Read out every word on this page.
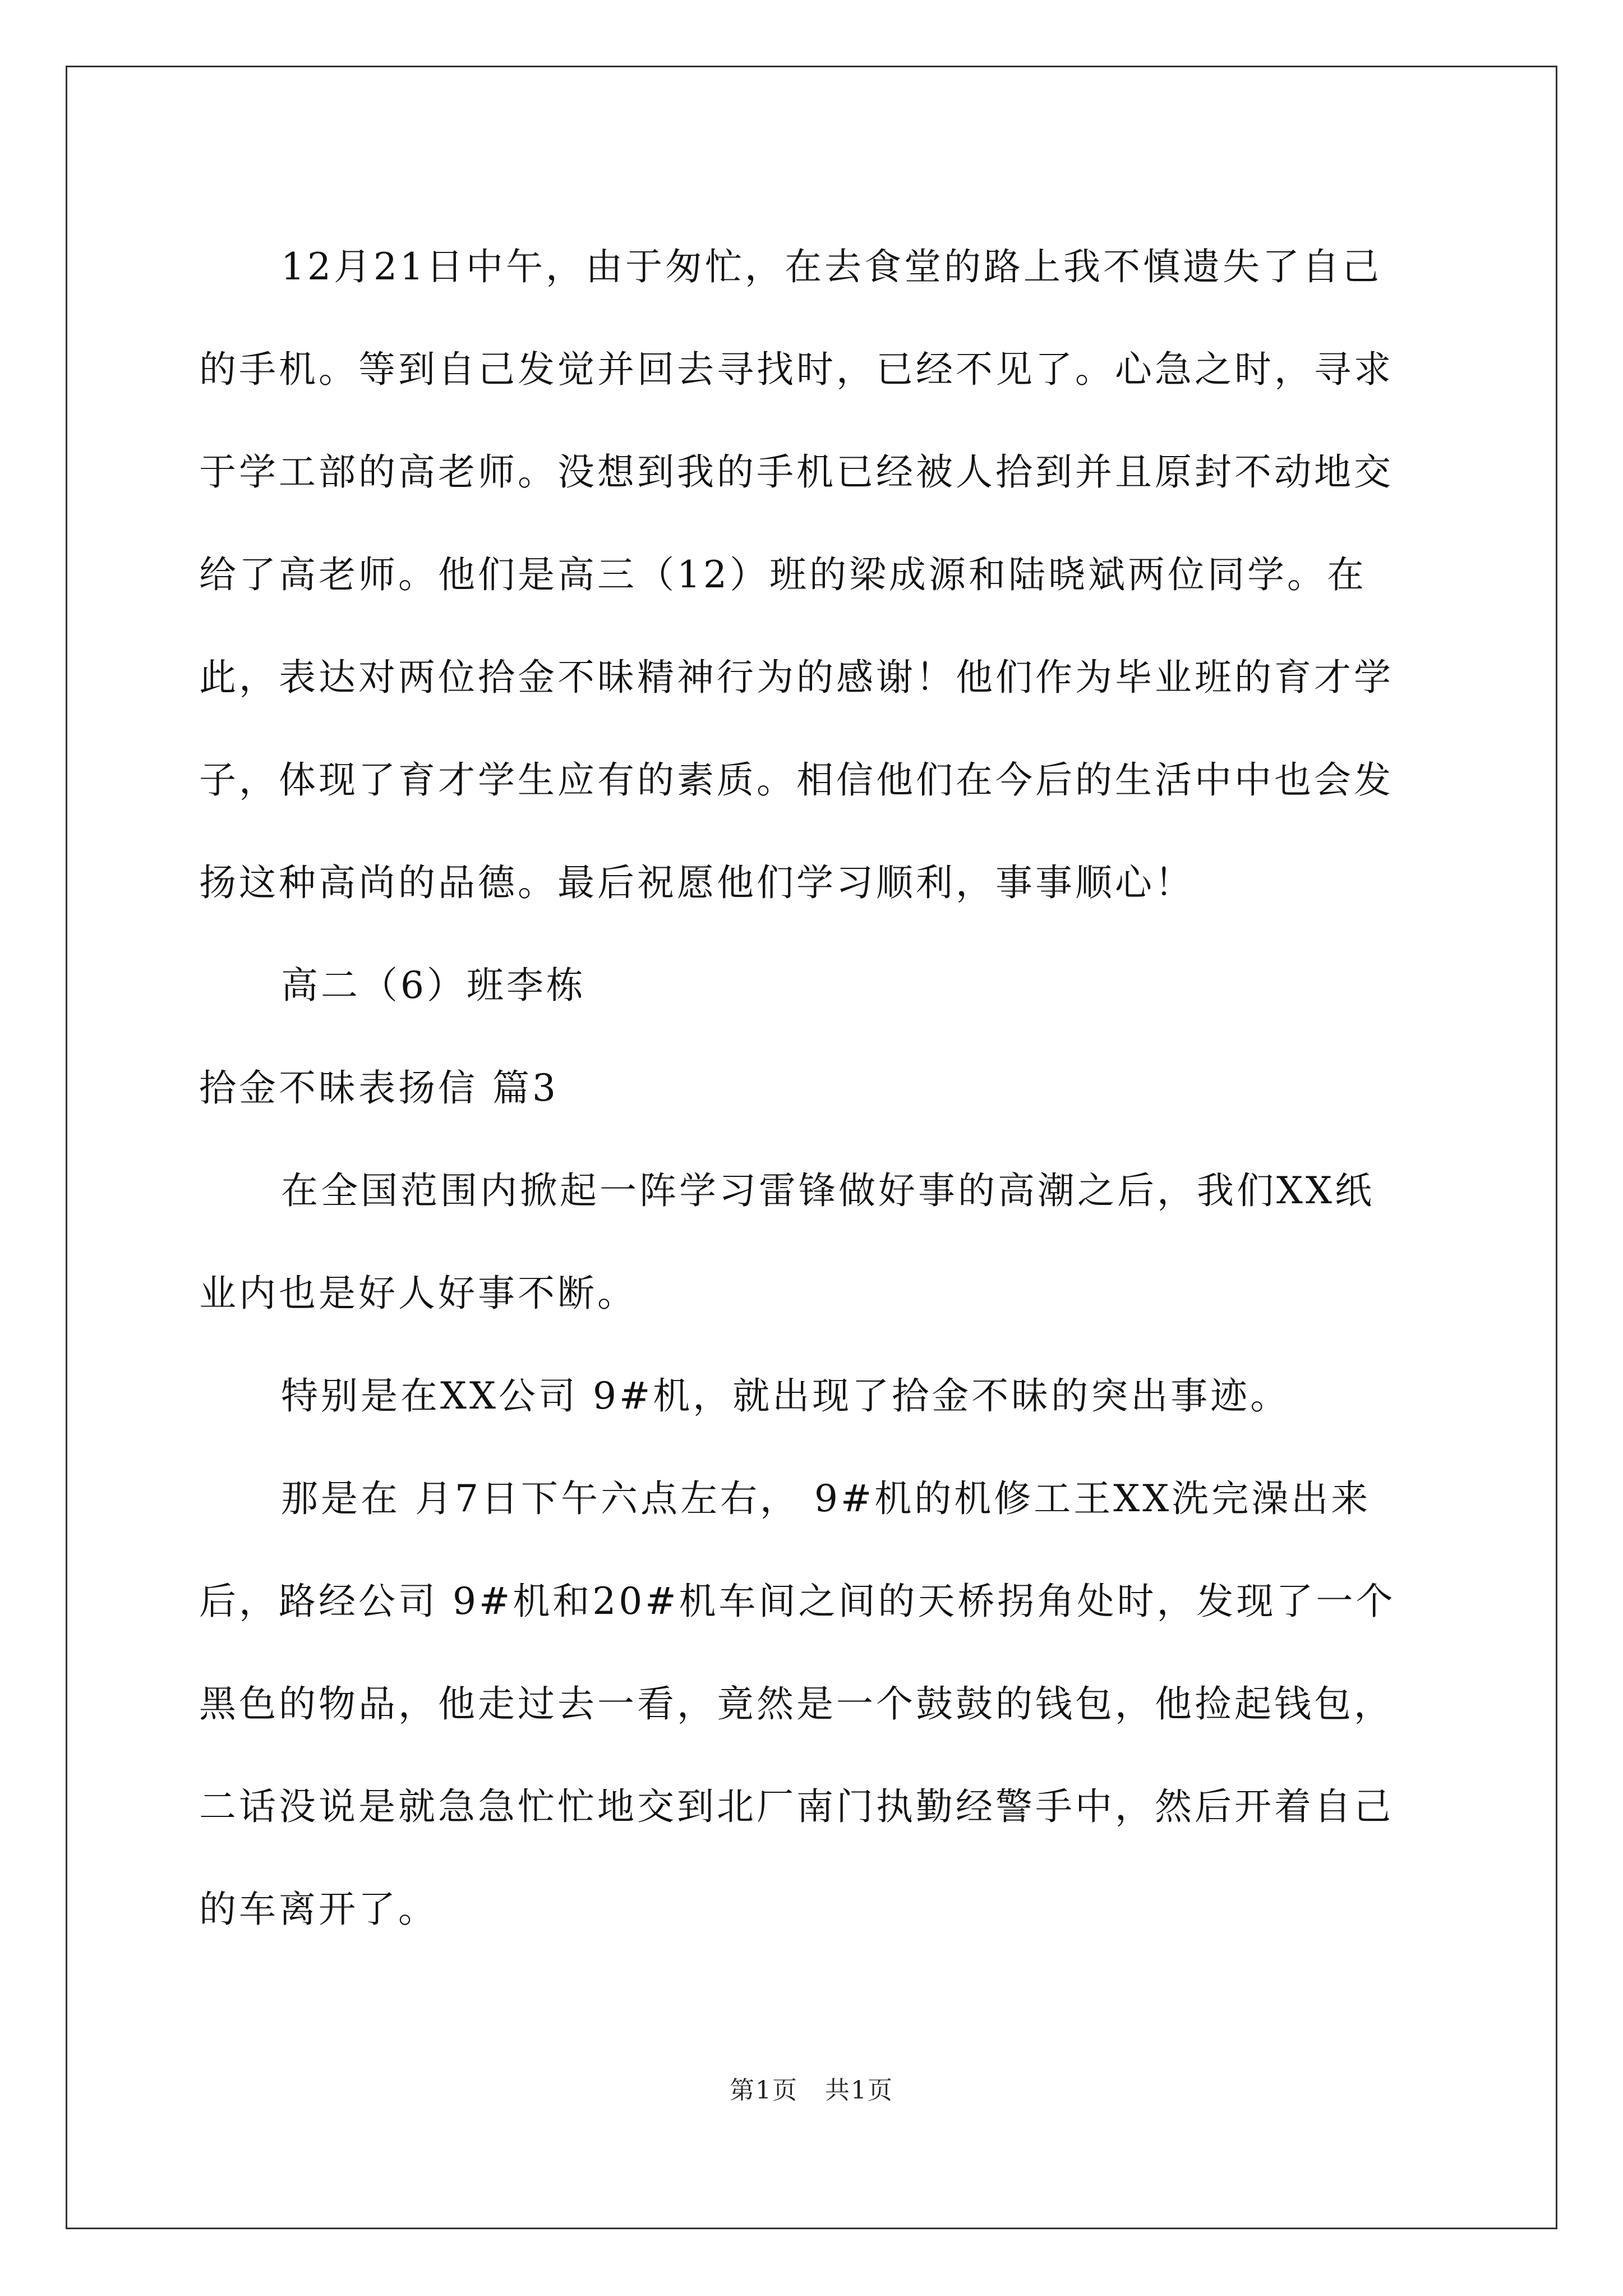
12月21日中午，由于匆忙，在去食堂的路上我不慎遗失了自己的手机。等到自己发觉并回去寻找时，已经不见了。心急之时，寻求于学工部的高老师。没想到我的手机已经被人拾到并且原封不动地交给了高老师。他们是高三（12）班的梁成源和陆晓斌两位同学。在此，表达对两位拾金不昧精神行为的感谢！他们作为毕业班的育才学子，体现了育才学生应有的素质。相信他们在今后的生活中中也会发扬这种高尚的品德。最后祝愿他们学习顺利，事事顺心！

高二（6）班李栋

拾金不昧表扬信 篇3

在全国范围内掀起一阵学习雷锋做好事的高潮之后，我们XX纸业内也是好人好事不断。

特别是在XX公司 9#机，就出现了拾金不昧的突出事迹。

那是在 月7日下午六点左右， 9#机的机修工王XX洗完澡出来后，路经公司 9#机和20#机车间之间的天桥拐角处时，发现了一个黑色的物品，他走过去一看，竟然是一个鼓鼓的钱包，他捡起钱包，二话没说是就急急忙忙地交到北厂南门执勤经警手中，然后开着自己的车离开了。

第1页 共1页
